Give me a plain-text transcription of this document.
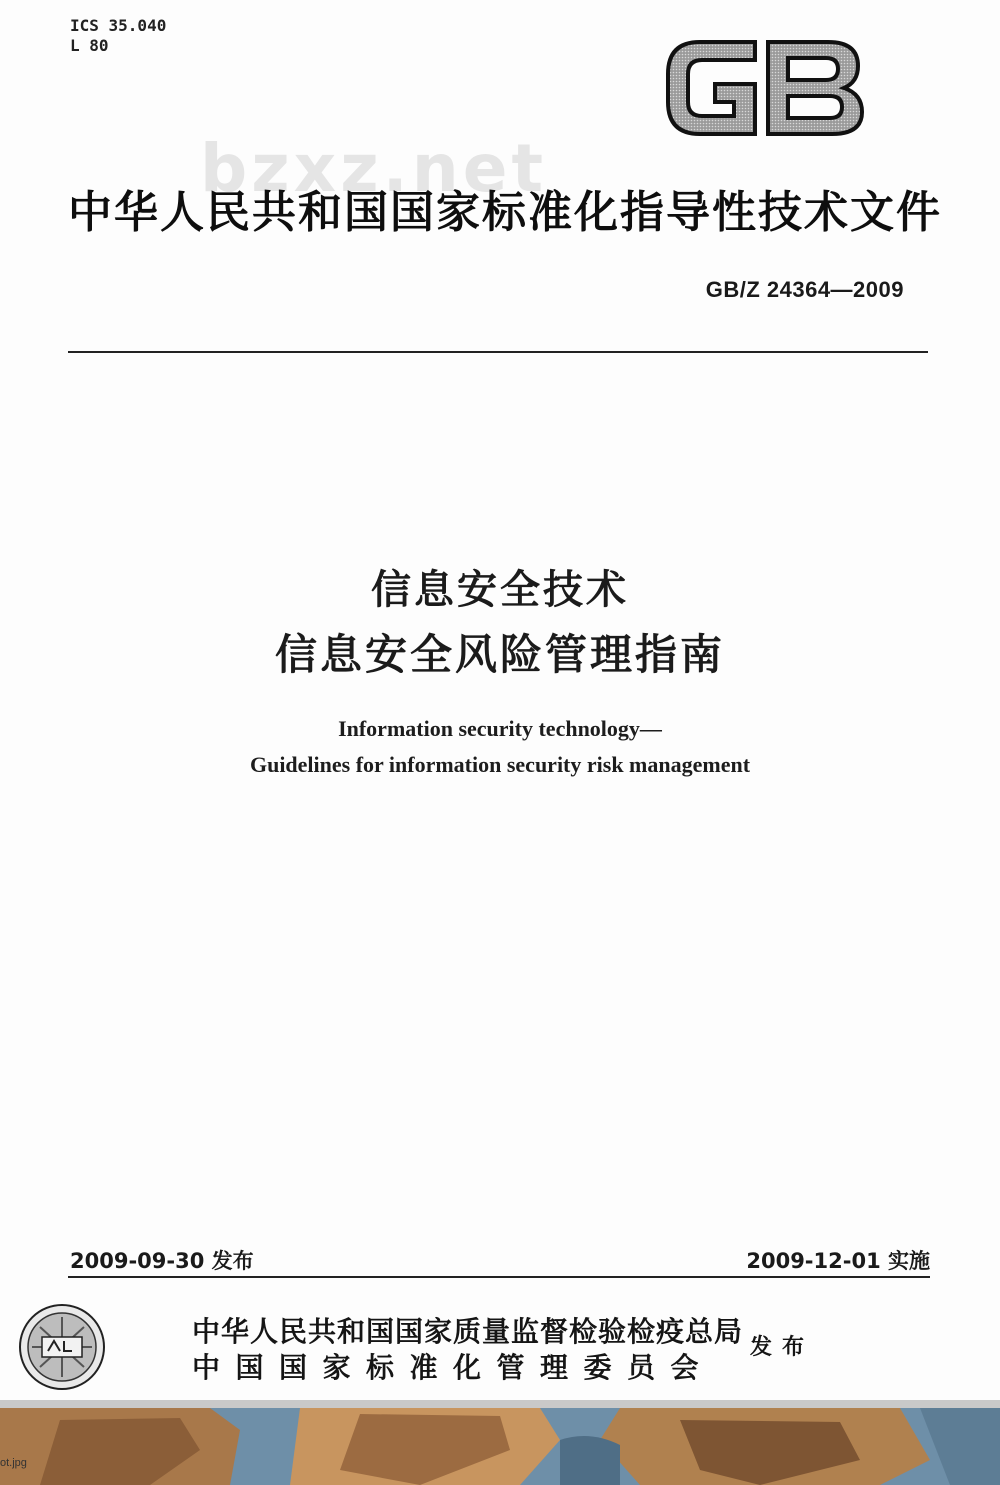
ICS 35.040
L 80
bzxz.net
中华人民共和国国家标准化指导性技术文件
GB/Z 24364—2009
信息安全技术
信息安全风险管理指南
Information security technology—
Guidelines for information security risk management
2009-09-30 发布	2009-12-01 实施
中华人民共和国国家质量监督检验检疫总局
中国国家标准化管理委员会
发布
ot.jpg
